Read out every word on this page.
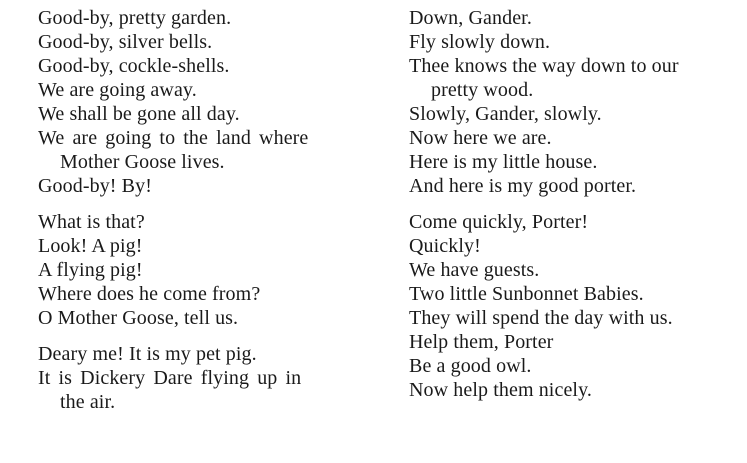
Good-by, pretty garden.
Good-by, silver bells.
Good-by, cockle-shells.
We are going away.
We shall be gone all day.
We are going to the land where
Mother Goose lives.
Good-by! By!
What is that?
Look! A pig!
A flying pig!
Where does he come from?
O Mother Goose, tell us.
Deary me! It is my pet pig.
It is Dickery Dare flying up in
the air.
Down, Gander.
Fly slowly down.
Thee knows the way down to our
pretty wood.
Slowly, Gander, slowly.
Now here we are.
Here is my little house.
And here is my good porter.
Come quickly, Porter!
Quickly!
We have guests.
Two little Sunbonnet Babies.
They will spend the day with us.
Help them, Porter
Be a good owl.
Now help them nicely.
